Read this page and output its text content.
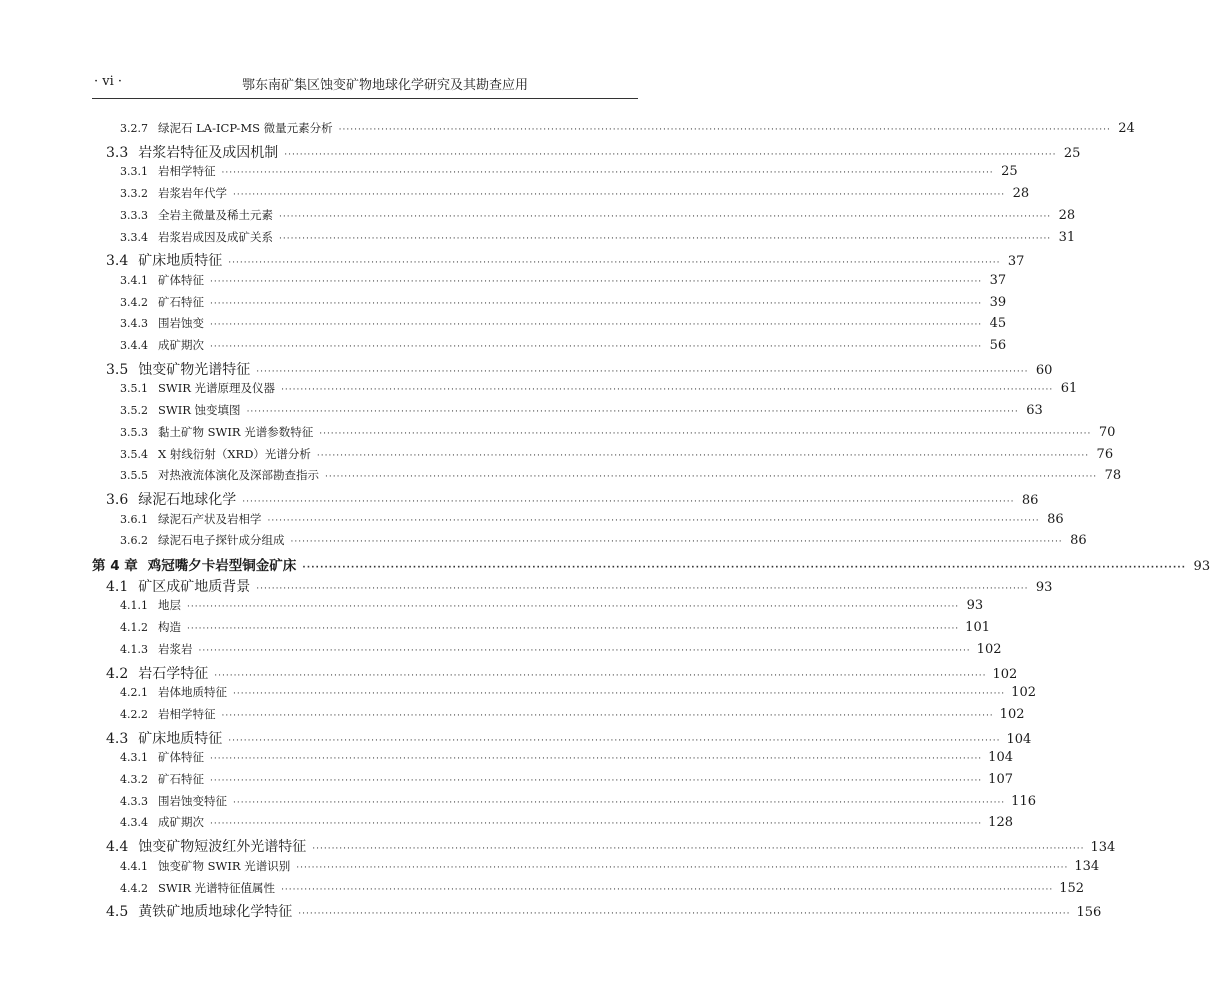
· vi ·	鄂东南矿集区蚀变矿物地球化学研究及其勘查应用
3.2.7 绿泥石 LA-ICP-MS 微量元素分析 ········································································································································································································ 24
3.3 岩浆岩特征及成因机制 ········································································································································································································ 25
3.3.1 岩相学特征 ········································································································································································································ 25
3.3.2 岩浆岩年代学 ········································································································································································································ 28
3.3.3 全岩主微量及稀土元素 ········································································································································································································ 28
3.3.4 岩浆岩成因及成矿关系 ········································································································································································································ 31
3.4 矿床地质特征 ········································································································································································································ 37
3.4.1 矿体特征 ········································································································································································································ 37
3.4.2 矿石特征 ········································································································································································································ 39
3.4.3 围岩蚀变 ········································································································································································································ 45
3.4.4 成矿期次 ········································································································································································································ 56
3.5 蚀变矿物光谱特征 ········································································································································································································ 60
3.5.1 SWIR 光谱原理及仪器 ········································································································································································································ 61
3.5.2 SWIR 蚀变填图 ········································································································································································································ 63
3.5.3 黏土矿物 SWIR 光谱参数特征 ········································································································································································································ 70
3.5.4 X 射线衍射（XRD）光谱分析 ········································································································································································································ 76
3.5.5 对热液流体演化及深部勘查指示 ········································································································································································································ 78
3.6 绿泥石地球化学 ········································································································································································································ 86
3.6.1 绿泥石产状及岩相学 ········································································································································································································ 86
3.6.2 绿泥石电子探针成分组成 ········································································································································································································ 86
第 4 章 鸡冠嘴夕卡岩型铜金矿床 ········································································································································································································ 93
4.1 矿区成矿地质背景 ········································································································································································································ 93
4.1.1 地层 ········································································································································································································ 93
4.1.2 构造 ········································································································································································································ 101
4.1.3 岩浆岩 ········································································································································································································ 102
4.2 岩石学特征 ········································································································································································································ 102
4.2.1 岩体地质特征 ········································································································································································································ 102
4.2.2 岩相学特征 ········································································································································································································ 102
4.3 矿床地质特征 ········································································································································································································ 104
4.3.1 矿体特征 ········································································································································································································ 104
4.3.2 矿石特征 ········································································································································································································ 107
4.3.3 围岩蚀变特征 ········································································································································································································ 116
4.3.4 成矿期次 ········································································································································································································ 128
4.4 蚀变矿物短波红外光谱特征 ········································································································································································································ 134
4.4.1 蚀变矿物 SWIR 光谱识别 ········································································································································································································ 134
4.4.2 SWIR 光谱特征值属性 ········································································································································································································ 152
4.5 黄铁矿地质地球化学特征 ········································································································································································································ 156
